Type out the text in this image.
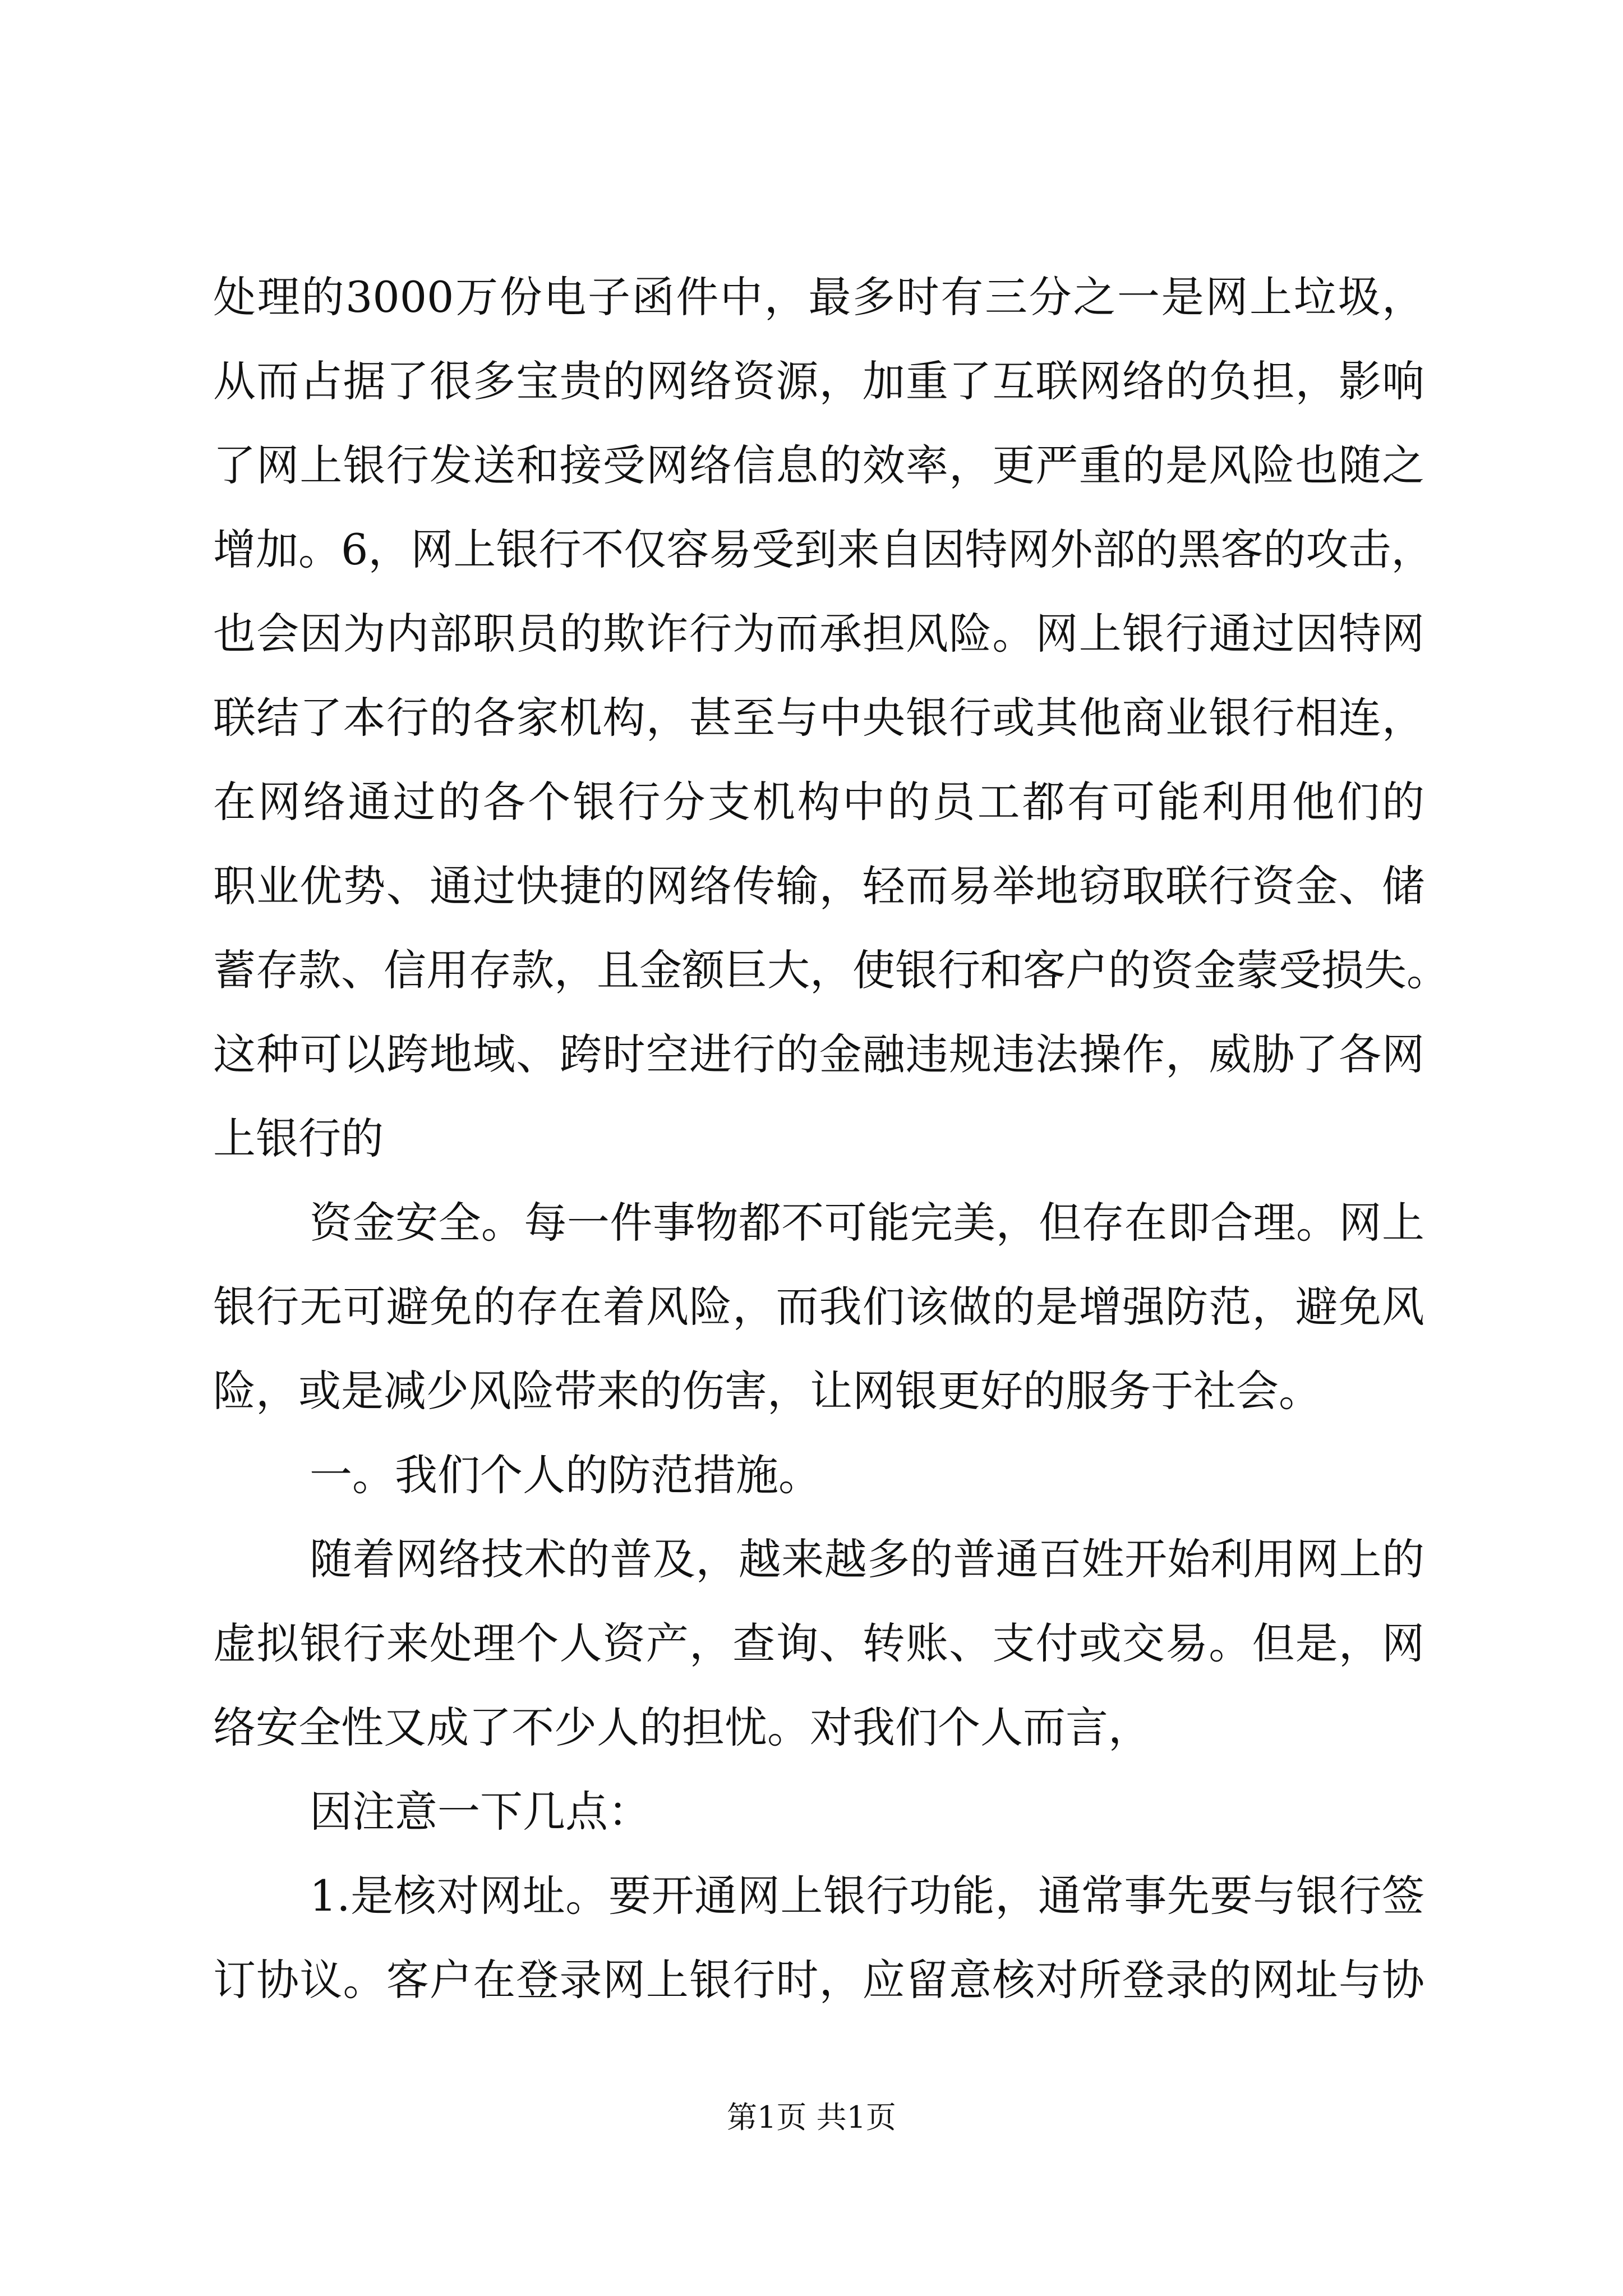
处理的3000万份电子函件中，最多时有三分之一是网上垃圾，
从而占据了很多宝贵的网络资源，加重了互联网络的负担，影响
了网上银行发送和接受网络信息的效率，更严重的是风险也随之
增加。6，网上银行不仅容易受到来自因特网外部的黑客的攻击，
也会因为内部职员的欺诈行为而承担风险。网上银行通过因特网
联结了本行的各家机构，甚至与中央银行或其他商业银行相连，
在网络通过的各个银行分支机构中的员工都有可能利用他们的
职业优势、通过快捷的网络传输，轻而易举地窃取联行资金、储
蓄存款、信用存款，且金额巨大，使银行和客户的资金蒙受损失。
这种可以跨地域、跨时空进行的金融违规违法操作，威胁了各网
上银行的
资金安全。每一件事物都不可能完美，但存在即合理。网上
银行无可避免的存在着风险，而我们该做的是增强防范，避免风
险，或是减少风险带来的伤害，让网银更好的服务于社会。
一。我们个人的防范措施。
随着网络技术的普及，越来越多的普通百姓开始利用网上的
虚拟银行来处理个人资产，查询、转账、支付或交易。但是，网
络安全性又成了不少人的担忧。对我们个人而言，
因注意一下几点：
1.是核对网址。要开通网上银行功能，通常事先要与银行签
订协议。客户在登录网上银行时，应留意核对所登录的网址与协
第1页 共1页
